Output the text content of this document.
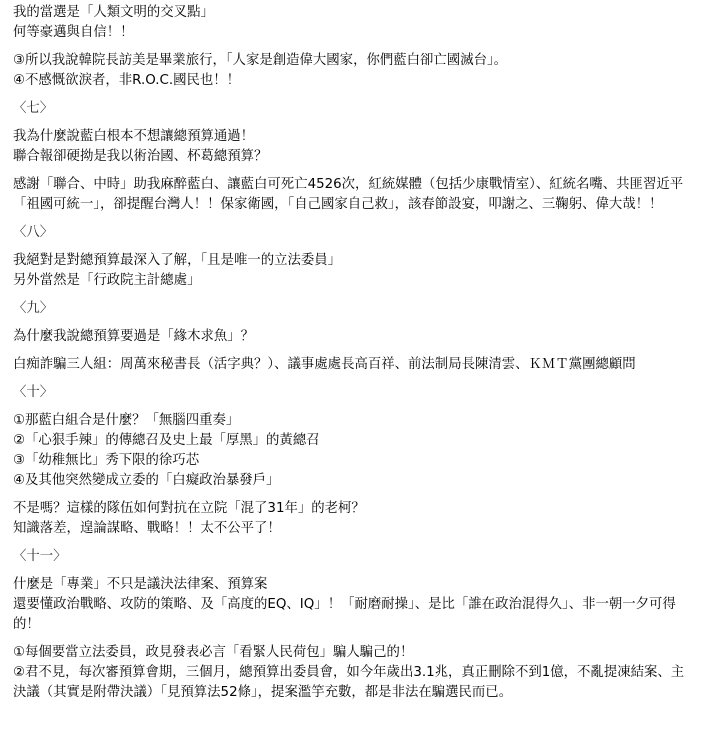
我的當選是「人類文明的交叉點」

何等豪邁與自信！！

③所以我說韓院長訪美是畢業旅行，「人家是創造偉大國家，你們藍白卻亡國滅台」。

④不感慨欲淚者，非R.O.C.國民也！！

〈七〉

我為什麼說藍白根本不想讓總預算通過！

聯合報卻硬拗是我以術治國、杯葛總預算？

感謝「聯合、中時」助我麻醉藍白、讓藍白可死亡4526次，紅統媒體（包括少康戰情室）、紅統名嘴、共匪習近平「祖國可統一」，卻提醒台灣人！！保家衛國，「自己國家自己救」，該春節設宴，叩謝之、三鞠躬、偉大哉！！

〈八〉

我絕對是對總預算最深入了解，「且是唯一的立法委員」

另外當然是「行政院主計總處」

〈九〉

為什麼我說總預算要過是「緣木求魚」？

白痴詐騙三人組：周萬來秘書長（活字典？）、議事處處長高百祥、前法制局長陳清雲、ＫＭＴ黨團總顧問

〈十〉

①那藍白組合是什麼？「無腦四重奏」

②「心狠手辣」的傳總召及史上最「厚黑」的黃總召

③「幼稚無比」秀下限的徐巧芯

④及其他突然變成立委的「白癡政治暴發戶」

不是嗎？這樣的隊伍如何對抗在立院「混了31年」的老柯？

知識落差，遑論謀略、戰略！！太不公平了！

〈十一〉

什麼是「專業」不只是議決法律案、預算案

還要懂政治戰略、攻防的策略、及「高度的EQ、IQ」！「耐磨耐操」、是比「誰在政治混得久」、非一朝一夕可得的！

①每個要當立法委員，政見發表必言「看緊人民荷包」騙人騙己的！

②君不見，每次審預算會期，三個月，總預算出委員會，如今年歲出3.1兆，真正刪除不到1億，不亂提凍結案、主決議（其實是附帶決議）「見預算法52條」，提案濫竽充數，都是非法在騙選民而已。
